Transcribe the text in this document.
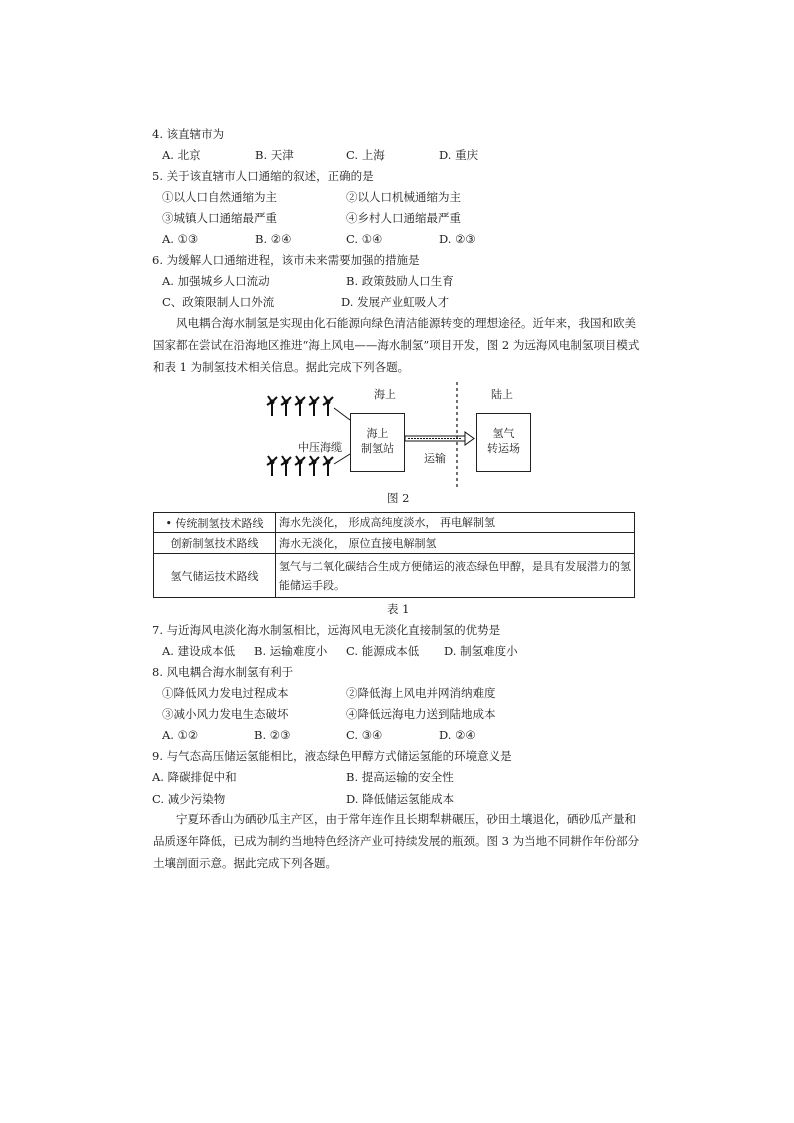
4. 该直辖市为
A. 北京	B. 天津	C. 上海	D. 重庆
5. 关于该直辖市人口通缩的叙述，正确的是
①以人口自然通缩为主	②以人口机械通缩为主
③城镇人口通缩最严重	④乡村人口通缩最严重
A. ①③	B. ②④	C. ①④	D. ②③
6. 为缓解人口通缩进程，该市未来需要加强的措施是
A. 加强城乡人口流动	B. 政策鼓励人口生育
C、政策限制人口外流	D. 发展产业虹吸人才
风电耦合海水制氢是实现由化石能源向绿色清洁能源转变的理想途径。近年来，我国和欧美国家都在尝试在沿海地区推进“海上风电——海水制氢”项目开发，图 2 为远海风电制氢项目模式和表 1 为制氢技术相关信息。据此完成下列各题。
海上	陆上
中压海缆
海上
制氢站
运输
氢气
转运场
图 2
• 传统制氢技术路线	海水先淡化， 形成高纯度淡水， 再电解制氢
创新制氢技术路线	海水无淡化， 原位直接电解制氢
氢气储运技术路线	氢气与二氧化碳结合生成方便储运的液态绿色甲醇，是具有发展潜力的氢能储运手段。
表 1
7. 与近海风电淡化海水制氢相比，远海风电无淡化直接制氢的优势是
A. 建设成本低 B. 运输难度小 C. 能源成本低 D. 制氢难度小
8. 风电耦合海水制氢有利于
①降低风力发电过程成本	②降低海上风电并网消纳难度
③减小风力发电生态破坏	④降低远海电力送到陆地成本
A. ①②	B. ②③	C. ③④	D. ②④
9. 与气态高压储运氢能相比，液态绿色甲醇方式储运氢能的环境意义是
A. 降碳排促中和	B. 提高运输的安全性
C. 减少污染物	D. 降低储运氢能成本
宁夏环香山为硒砂瓜主产区，由于常年连作且长期犁耕碾压，砂田土壤退化，硒砂瓜产量和品质逐年降低，已成为制约当地特色经济产业可持续发展的瓶颈。图 3 为当地不同耕作年份部分土壤剖面示意。据此完成下列各题。
